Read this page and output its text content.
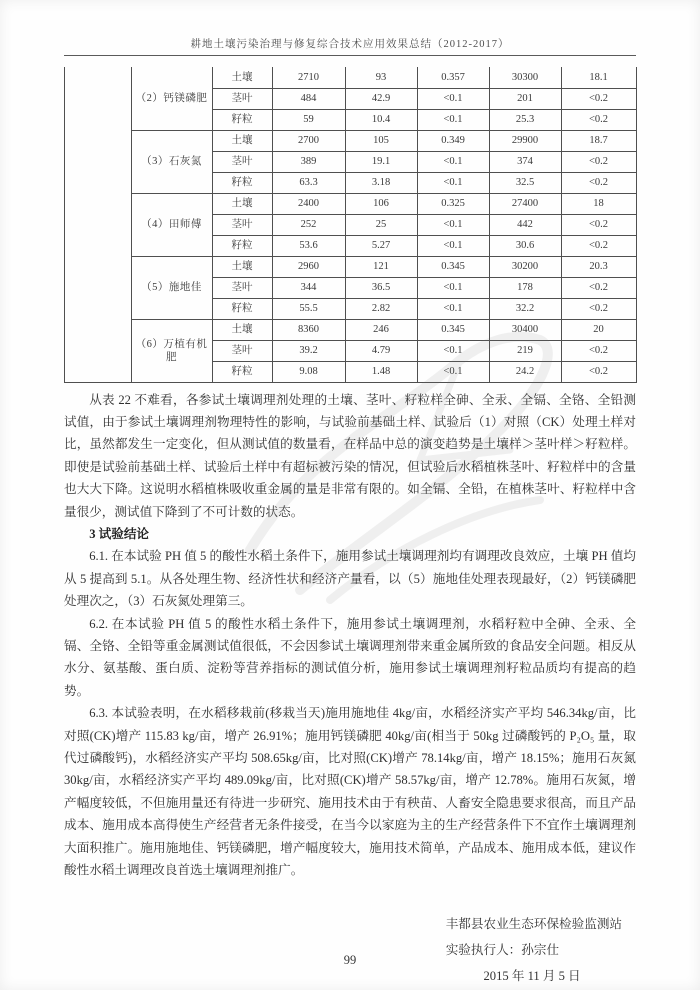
耕地土壤污染治理与修复综合技术应用效果总结（2012-2017）
	（2）钙镁磷肥	土壤	2710	93	0.357	30300	18.1
		茎叶	484	42.9	<0.1	201	<0.2
		籽粒	59	10.4	<0.1	25.3	<0.2
	（3）石灰氮	土壤	2700	105	0.349	29900	18.7
		茎叶	389	19.1	<0.1	374	<0.2
		籽粒	63.3	3.18	<0.1	32.5	<0.2
	（4）田师傅	土壤	2400	106	0.325	27400	18
		茎叶	252	25	<0.1	442	<0.2
		籽粒	53.6	5.27	<0.1	30.6	<0.2
	（5）施地佳	土壤	2960	121	0.345	30200	20.3
		茎叶	344	36.5	<0.1	178	<0.2
		籽粒	55.5	2.82	<0.1	32.2	<0.2
	（6）万植有机肥	土壤	8360	246	0.345	30400	20
		茎叶	39.2	4.79	<0.1	219	<0.2
		籽粒	9.08	1.48	<0.1	24.2	<0.2

从表 22 不难看，各参试土壤调理剂处理的土壤、茎叶、籽粒样全砷、全汞、全镉、全铬、全铅测试值，由于参试土壤调理剂物理特性的影响，与试验前基础土样、试验后（1）对照（CK）处理土样对比，虽然都发生一定变化，但从测试值的数量看，在样品中总的演变趋势是土壤样＞茎叶样＞籽粒样。即使是试验前基础土样、试验后土样中有超标被污染的情况，但试验后水稻植株茎叶、籽粒样中的含量也大大下降。这说明水稻植株吸收重金属的量是非常有限的。如全镉、全铅，在植株茎叶、籽粒样中含量很少，测试值下降到了不可计数的状态。

3 试验结论

6.1. 在本试验 PH 值 5 的酸性水稻土条件下，施用参试土壤调理剂均有调理改良效应，土壤 PH 值均从 5 提高到 5.1。从各处理生物、经济性状和经济产量看，以（5）施地佳处理表现最好，（2）钙镁磷肥处理次之，（3）石灰氮处理第三。

6.2. 在本试验 PH 值 5 的酸性水稻土条件下，施用参试土壤调理剂，水稻籽粒中全砷、全汞、全镉、全铬、全铅等重金属测试值很低，不会因参试土壤调理剂带来重金属所致的食品安全问题。相反从水分、氨基酸、蛋白质、淀粉等营养指标的测试值分析，施用参试土壤调理剂籽粒品质均有提高的趋势。

6.3. 本试验表明，在水稻移栽前(移栽当天)施用施地佳 4kg/亩，水稻经济实产平均 546.34kg/亩，比对照(CK)增产 115.83 kg/亩，增产 26.91%；施用钙镁磷肥 40kg/亩(相当于 50kg 过磷酸钙的 P₂O₅ 量，取代过磷酸钙)，水稻经济实产平均 508.65kg/亩，比对照(CK)增产 78.14kg/亩，增产 18.15%；施用石灰氮 30kg/亩，水稻经济实产平均 489.09kg/亩，比对照(CK)增产 58.57kg/亩，增产 12.78%。施用石灰氮，增产幅度较低，不但施用量还有待进一步研究、施用技术由于有秧苗、人畜安全隐患要求很高，而且产品成本、施用成本高得使生产经营者无条件接受，在当今以家庭为主的生产经营条件下不宜作土壤调理剂大面积推广。施用施地佳、钙镁磷肥，增产幅度较大，施用技术简单，产品成本、施用成本低，建议作酸性水稻土调理改良首选土壤调理剂推广。

丰都县农业生态环保检验监测站
实验执行人：孙宗仕
2015 年 11 月 5 日
99
